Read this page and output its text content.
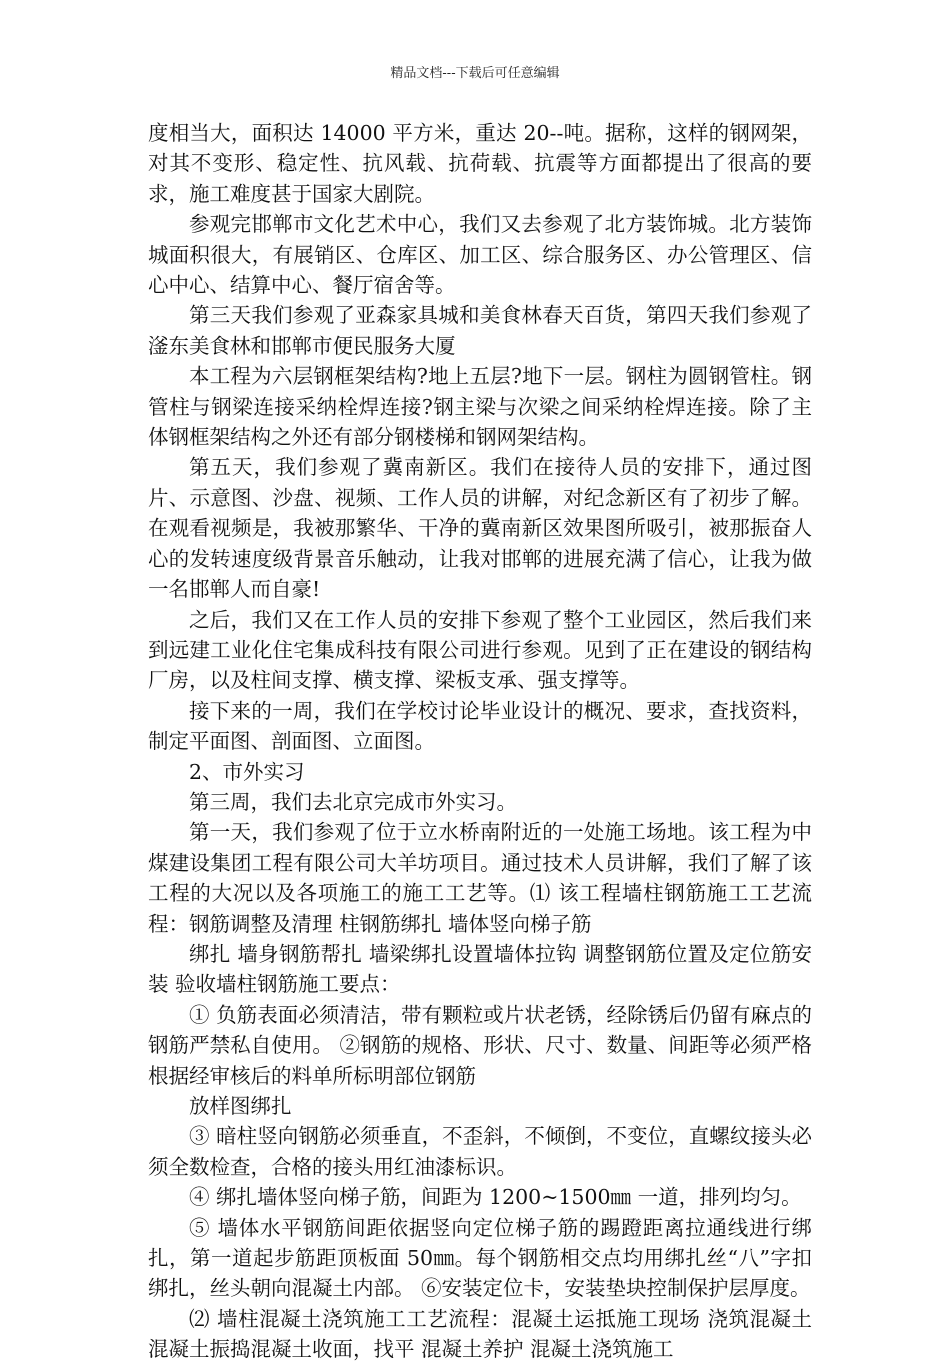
精品文档---下载后可任意编辑

度相当大，面积达 14000 平方米，重达 20--吨。据称，这样的钢网架，对其不变形、稳定性、抗风载、抗荷载、抗震等方面都提出了很高的要求，施工难度甚于国家大剧院。

参观完邯郸市文化艺术中心，我们又去参观了北方装饰城。北方装饰城面积很大，有展销区、仓库区、加工区、综合服务区、办公管理区、信心中心、结算中心、餐厅宿舍等。

第三天我们参观了亚森家具城和美食林春天百货，第四天我们参观了滏东美食林和邯郸市便民服务大厦

本工程为六层钢框架结构?地上五层?地下一层。钢柱为圆钢管柱。钢管柱与钢梁连接采纳栓焊连接?钢主梁与次梁之间采纳栓焊连接。除了主体钢框架结构之外还有部分钢楼梯和钢网架结构。

第五天，我们参观了冀南新区。我们在接待人员的安排下，通过图片、示意图、沙盘、视频、工作人员的讲解，对纪念新区有了初步了解。在观看视频是，我被那繁华、干净的冀南新区效果图所吸引，被那振奋人心的发转速度级背景音乐触动，让我对邯郸的进展充满了信心，让我为做一名邯郸人而自豪!

之后，我们又在工作人员的安排下参观了整个工业园区，然后我们来到远建工业化住宅集成科技有限公司进行参观。见到了正在建设的钢结构厂房，以及柱间支撑、横支撑、梁板支承、强支撑等。

接下来的一周，我们在学校讨论毕业设计的概况、要求，查找资料，制定平面图、剖面图、立面图。

2、市外实习

第三周，我们去北京完成市外实习。

第一天，我们参观了位于立水桥南附近的一处施工场地。该工程为中煤建设集团工程有限公司大羊坊项目。通过技术人员讲解，我们了解了该工程的大况以及各项施工的施工工艺等。⑴ 该工程墙柱钢筋施工工艺流程：钢筋调整及清理 柱钢筋绑扎 墙体竖向梯子筋

绑扎 墙身钢筋帮扎 墙梁绑扎设置墙体拉钩 调整钢筋位置及定位筋安装 验收墙柱钢筋施工要点：

① 负筋表面必须清洁，带有颗粒或片状老锈，经除锈后仍留有麻点的钢筋严禁私自使用。 ②钢筋的规格、形状、尺寸、数量、间距等必须严格根据经审核后的料单所标明部位钢筋

放样图绑扎

③ 暗柱竖向钢筋必须垂直，不歪斜，不倾倒，不变位，直螺纹接头必须全数检查，合格的接头用红油漆标识。

④ 绑扎墙体竖向梯子筋，间距为 1200~1500㎜ 一道，排列均匀。

⑤ 墙体水平钢筋间距依据竖向定位梯子筋的踢蹬距离拉通线进行绑扎，第一道起步筋距顶板面 50㎜。每个钢筋相交点均用绑扎丝“八”字扣绑扎，丝头朝向混凝土内部。 ⑥安装定位卡，安装垫块控制保护层厚度。

⑵ 墙柱混凝土浇筑施工工艺流程：混凝土运抵施工现场 浇筑混凝土 混凝土振捣混凝土收面，找平 混凝土养护 混凝土浇筑施工
